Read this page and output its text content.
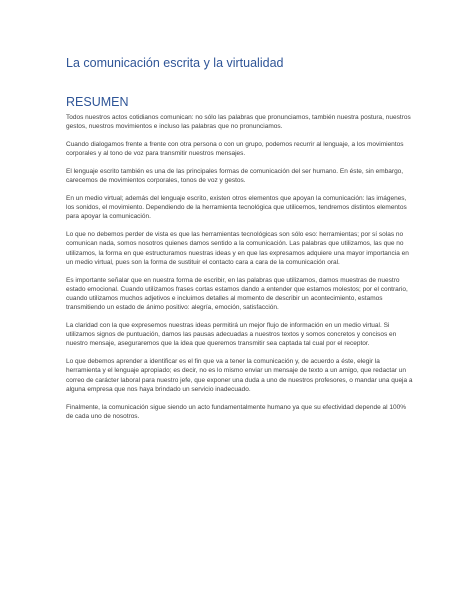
La comunicación escrita y la virtualidad
RESUMEN

Todos nuestros actos cotidianos comunican: no sólo las palabras que pronunciamos, también nuestra postura, nuestros gestos, nuestros movimientos e incluso las palabras que no pronunciamos.

Cuando dialogamos frente a frente con otra persona o con un grupo, podemos recurrir al lenguaje, a los movimientos corporales y al tono de voz para transmitir nuestros mensajes.

El lenguaje escrito también es una de las principales formas de comunicación del ser humano. En éste, sin embargo, carecemos de movimientos corporales, tonos de voz y gestos.

En un medio virtual; además del lenguaje escrito, existen otros elementos que apoyan la comunicación: las imágenes, los sonidos, el movimiento. Dependiendo de la herramienta tecnológica que utilicemos, tendremos distintos elementos para apoyar la comunicación.

Lo que no debemos perder de vista es que las herramientas tecnológicas son sólo eso: herramientas; por sí solas no comunican nada, somos nosotros quienes damos sentido a la comunicación. Las palabras que utilizamos, las que no utilizamos, la forma en que estructuramos nuestras ideas y en que las expresamos adquiere una mayor importancia en un medio virtual, pues son la forma de sustituir el contacto cara a cara de la comunicación oral.

Es importante señalar que en nuestra forma de escribir, en las palabras que utilizamos, damos muestras de nuestro estado emocional. Cuando utilizamos frases cortas estamos dando a entender que estamos molestos; por el contrario, cuando utilizamos muchos adjetivos e incluimos detalles al momento de describir un acontecimiento, estamos transmitiendo un estado de ánimo positivo: alegría, emoción, satisfacción.

La claridad con la que expresemos nuestras ideas permitirá un mejor flujo de información en un medio virtual. Si utilizamos signos de puntuación, damos las pausas adecuadas a nuestros textos y somos concretos y concisos en nuestro mensaje, aseguraremos que la idea que queremos transmitir sea captada tal cual por el receptor.

Lo que debemos aprender a identificar es el fin que va a tener la comunicación y, de acuerdo a éste, elegir la herramienta y el lenguaje apropiado; es decir, no es lo mismo enviar un mensaje de texto a un amigo, que redactar un correo de carácter laboral para nuestro jefe, que exponer una duda a uno de nuestros profesores, o mandar una queja a alguna empresa que nos haya brindado un servicio inadecuado.

Finalmente, la comunicación sigue siendo un acto fundamentalmente humano ya que su efectividad depende al 100% de cada uno de nosotros.
